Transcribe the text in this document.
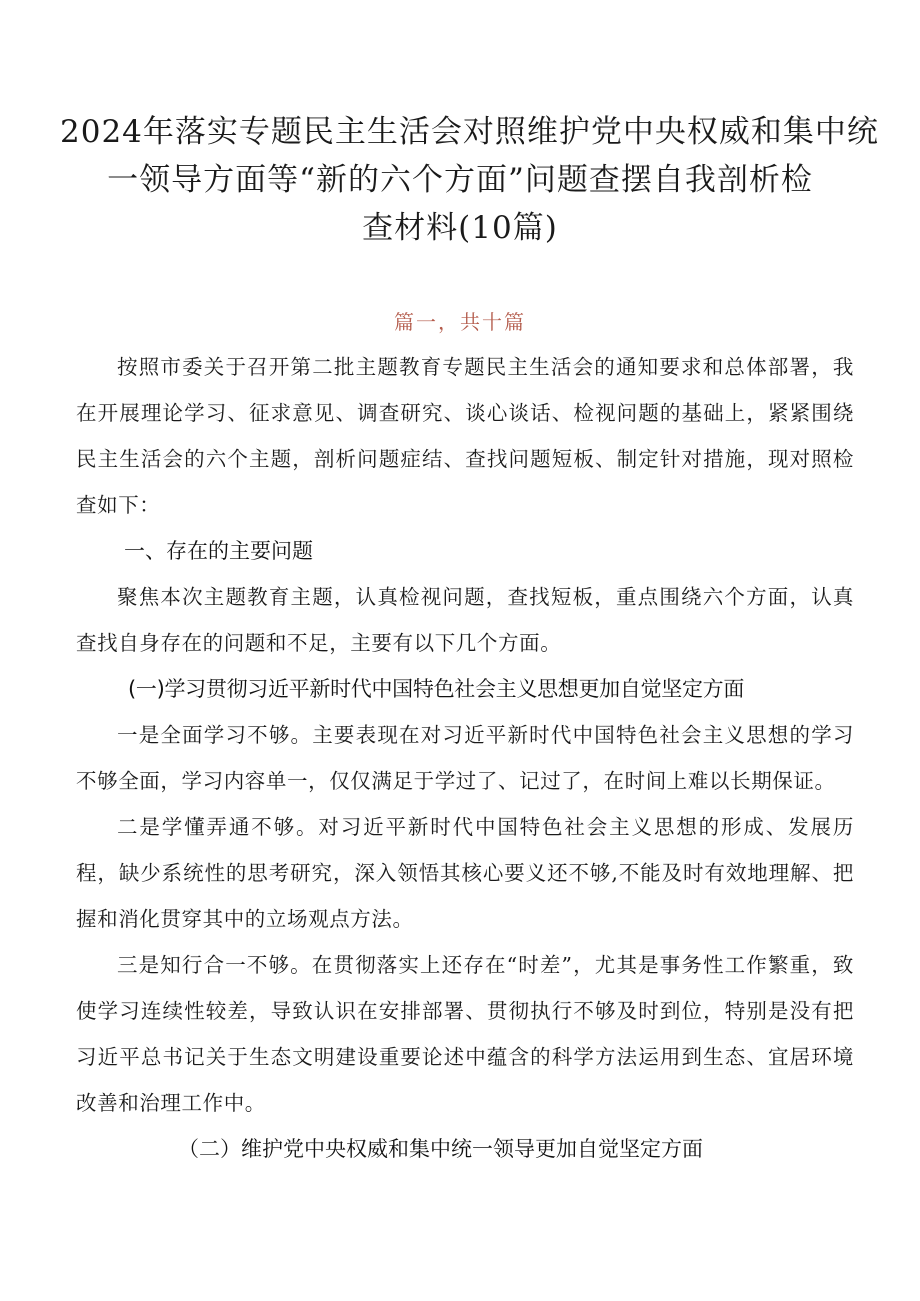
2024年落实专题民主生活会对照维护党中央权威和集中统
一领导方面等“新的六个方面”问题查摆自我剖析检
查材料(10篇)
篇一，共十篇

按照市委关于召开第二批主题教育专题民主生活会的通知要求和总体部署，我在开展理论学习、征求意见、调查研究、谈心谈话、检视问题的基础上，紧紧围绕民主生活会的六个主题，剖析问题症结、查找问题短板、制定针对措施，现对照检查如下：

一、存在的主要问题

聚焦本次主题教育主题，认真检视问题，查找短板，重点围绕六个方面，认真查找自身存在的问题和不足，主要有以下几个方面。

(一)学习贯彻习近平新时代中国特色社会主义思想更加自觉坚定方面

一是全面学习不够。主要表现在对习近平新时代中国特色社会主义思想的学习不够全面，学习内容单一，仅仅满足于学过了、记过了，在时间上难以长期保证。

二是学懂弄通不够。对习近平新时代中国特色社会主义思想的形成、发展历程，缺少系统性的思考研究，深入领悟其核心要义还不够,不能及时有效地理解、把握和消化贯穿其中的立场观点方法。

三是知行合一不够。在贯彻落实上还存在“时差”，尤其是事务性工作繁重，致使学习连续性较差，导致认识在安排部署、贯彻执行不够及时到位，特别是没有把习近平总书记关于生态文明建设重要论述中蕴含的科学方法运用到生态、宜居环境改善和治理工作中。

（二）维护党中央权威和集中统一领导更加自觉坚定方面
